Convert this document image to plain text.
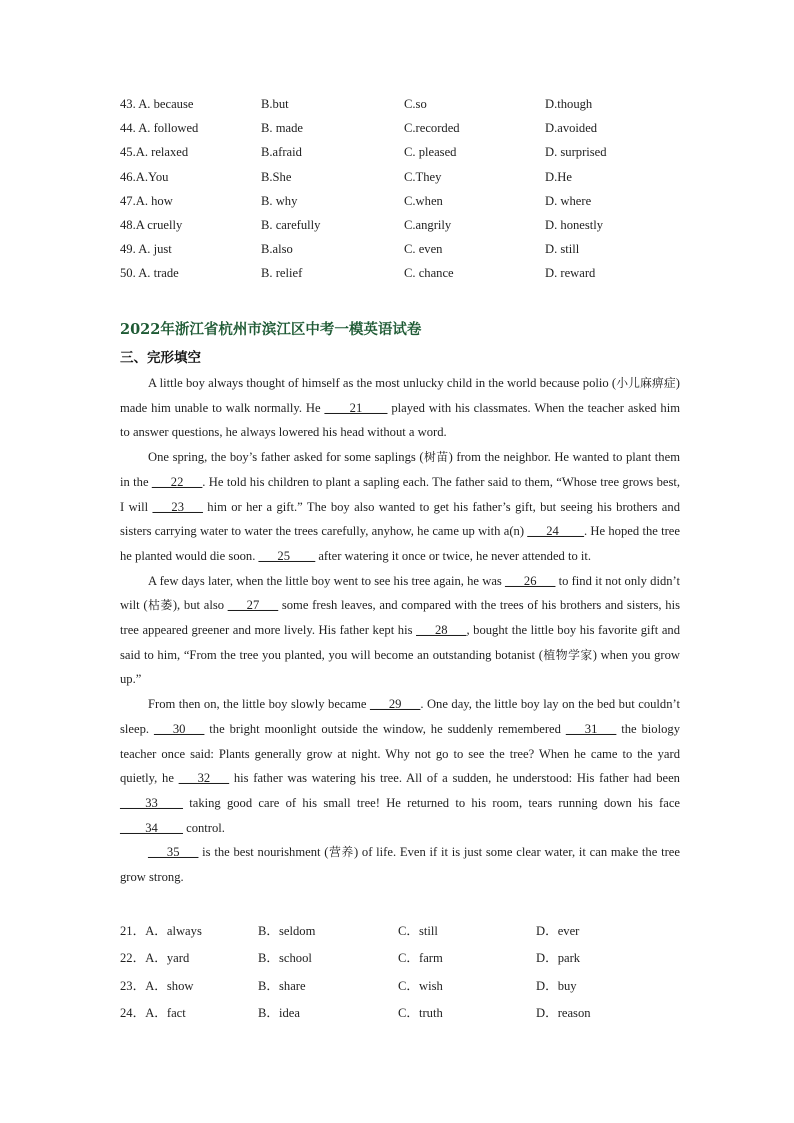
43. A. because	B.but	C.so	D.though
44. A. followed	B. made	C.recorded	D.avoided
45.A. relaxed	B.afraid	C. pleased	D. surprised
46.A.You	B.She	C.They	D.He
47.A. how	B. why	C.when	D. where
48.A cruelly	B. carefully	C.angrily	D. honestly
49. A. just	B.also	C. even	D. still
50. A. trade	B. relief	C. chance	D. reward
2022年浙江省杭州市滨江区中考一模英语试卷
三、完形填空

A little boy always thought of himself as the most unlucky child in the world because polio (小儿麻痹症) made him unable to walk normally. He ____21____ played with his classmates. When the teacher asked him to answer questions, he always lowered his head without a word.

One spring, the boy’s father asked for some saplings (树苗) from the neighbor. He wanted to plant them in the ___22___. He told his children to plant a sapling each. The father said to them, “Whose tree grows best, I will ___23___ him or her a gift.” The boy also wanted to get his father’s gift, but seeing his brothers and sisters carrying water to water the trees carefully, anyhow, he came up with a(n) ___24____. He hoped the tree he planted would die soon. ___25____ after watering it once or twice, he never attended to it.

A few days later, when the little boy went to see his tree again, he was ___26___ to find it not only didn’t wilt (枯萎), but also ___27___ some fresh leaves, and compared with the trees of his brothers and sisters, his tree appeared greener and more lively. His father kept his ___28___, bought the little boy his favorite gift and said to him, “From the tree you planted, you will become an outstanding botanist (植物学家) when you grow up.”

From then on, the little boy slowly became ___29___. One day, the little boy lay on the bed but couldn’t sleep. ___30___ the bright moonlight outside the window, he suddenly remembered ___31___ the biology teacher once said: Plants generally grow at night. Why not go to see the tree? When he came to the yard quietly, he ___32___ his father was watering his tree. All of a sudden, he understood: His father had been ____33____ taking good care of his small tree! He returned to his room, tears running down his face ____34____ control.

___35___ is the best nourishment (营养) of life. Even if it is just some clear water, it can make the tree grow strong.

21．A．always	B．seldom	C．still	D．ever
22．A．yard	B．school	C．farm	D．park
23．A．show	B．share	C．wish	D．buy
24．A．fact	B．idea	C．truth	D．reason
